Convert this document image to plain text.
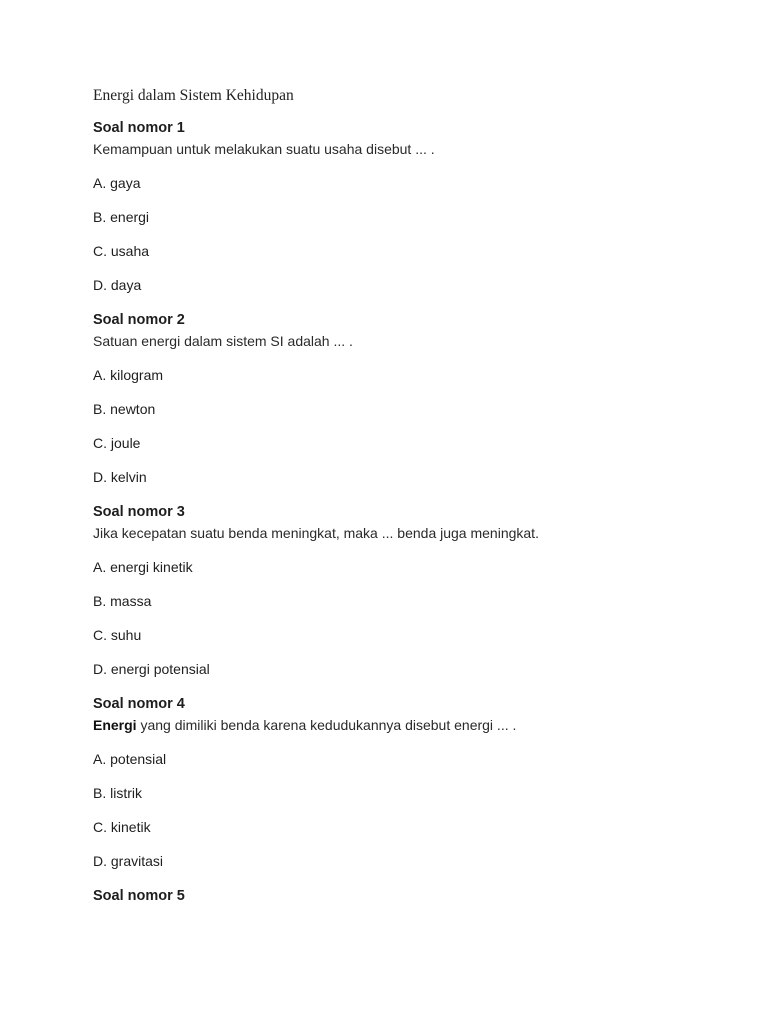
Energi dalam Sistem Kehidupan
Soal nomor 1
Kemampuan untuk melakukan suatu usaha disebut ... .
A. gaya
B. energi
C. usaha
D. daya
Soal nomor 2
Satuan energi dalam sistem SI adalah ... .
A. kilogram
B. newton
C. joule
D. kelvin
Soal nomor 3
Jika kecepatan suatu benda meningkat, maka ... benda juga meningkat.
A. energi kinetik
B. massa
C. suhu
D. energi potensial
Soal nomor 4
Energi yang dimiliki benda karena kedudukannya disebut energi ... .
A. potensial
B. listrik
C. kinetik
D. gravitasi
Soal nomor 5
